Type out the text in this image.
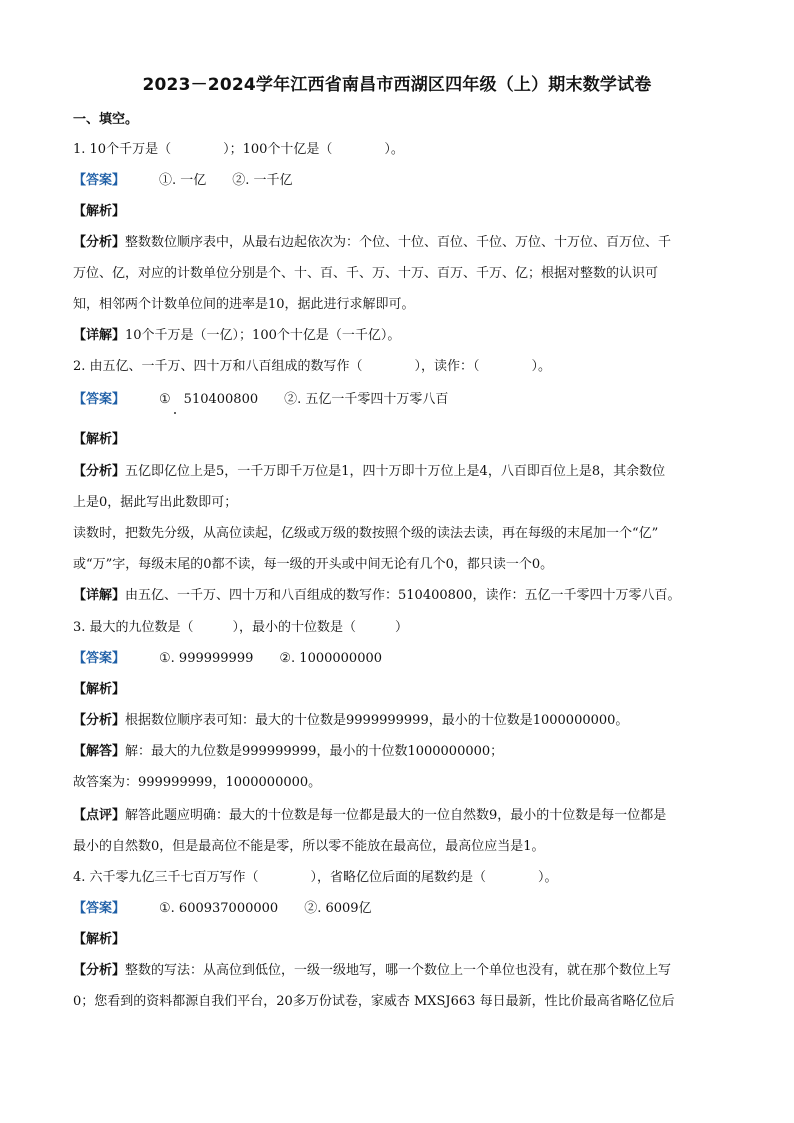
2023－2024学年江西省南昌市西湖区四年级（上）期末数学试卷
一、填空。
1. 10个千万是（　　　　）；100个十亿是（　　　　）。
【答案】	①. 一亿 ②. 一千亿
【解析】
【分析】整数数位顺序表中，从最右边起依次为：个位、十位、百位、千位、万位、十万位、百万位、千
万位、亿，对应的计数单位分别是个、十、百、千、万、十万、百万、千万、亿；根据对整数的认识可
知，相邻两个计数单位间的进率是10，据此进行求解即可。
【详解】10个千万是（一亿）；100个十亿是（一千亿）。
2. 由五亿、一千万、四十万和八百组成的数写作（　　　　），读作：（　　　　）。
【答案】	①　510400800 ②. 五亿一千零四十万零八百
【解析】
【分析】五亿即亿位上是5，一千万即千万位是1，四十万即十万位上是4，八百即百位上是8，其余数位
上是0，据此写出此数即可；
读数时，把数先分级，从高位读起，亿级或万级的数按照个级的读法去读，再在每级的末尾加一个“亿”
或“万”字，每级末尾的0都不读，每一级的开头或中间无论有几个0，都只读一个0。
【详解】由五亿、一千万、四十万和八百组成的数写作：510400800，读作：五亿一千零四十万零八百。
3. 最大的九位数是（　　　），最小的十位数是（　　　）
【答案】	①. 999999999 ②. 1000000000
【解析】
【分析】根据数位顺序表可知：最大的十位数是9999999999，最小的十位数是1000000000。
【解答】解：最大的九位数是999999999，最小的十位数1000000000；
故答案为：999999999，1000000000。
【点评】解答此题应明确：最大的十位数是每一位都是最大的一位自然数9，最小的十位数是每一位都是
最小的自然数0，但是最高位不能是零，所以零不能放在最高位，最高位应当是1。
4. 六千零九亿三千七百万写作（　　　　），省略亿位后面的尾数约是（　　　　）。
【答案】	①. 600937000000 ②. 6009亿
【解析】
【分析】整数的写法：从高位到低位，一级一级地写，哪一个数位上一个单位也没有，就在那个数位上写
0；您看到的资料都源自我们平台，20多万份试卷，家威杏 MXSJ663 每日最新，性比价最高省略亿位后
